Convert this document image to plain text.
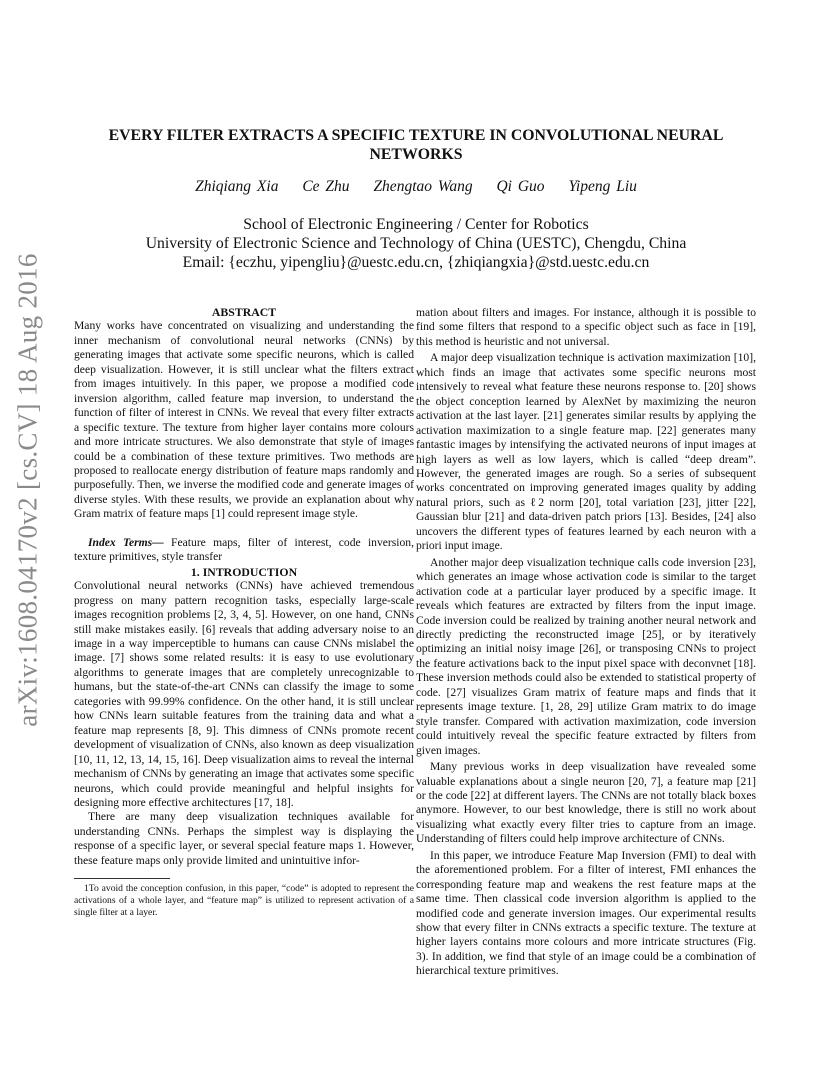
arXiv:1608.04170v2 [cs.CV] 18 Aug 2016
EVERY FILTER EXTRACTS A SPECIFIC TEXTURE IN CONVOLUTIONAL NEURAL NETWORKS
Zhiqiang Xia Ce Zhu Zhengtao Wang Qi Guo Yipeng Liu
School of Electronic Engineering / Center for Robotics
University of Electronic Science and Technology of China (UESTC), Chengdu, China
Email: {eczhu, yipengliu}@uestc.edu.cn, {zhiqiangxia}@std.uestc.edu.cn

ABSTRACT

Many works have concentrated on visualizing and understanding the inner mechanism of convolutional neural networks (CNNs) by generating images that activate some specific neurons, which is called deep visualization. However, it is still unclear what the filters extract from images intuitively. In this paper, we propose a modified code inversion algorithm, called feature map inversion, to understand the function of filter of interest in CNNs. We reveal that every filter extracts a specific texture. The texture from higher layer contains more colours and more intricate structures. We also demonstrate that style of images could be a combination of these texture primitives. Two methods are proposed to reallocate energy distribution of feature maps randomly and purposefully. Then, we inverse the modified code and generate images of diverse styles. With these results, we provide an explanation about why Gram matrix of feature maps [1] could represent image style.

Index Terms— Feature maps, filter of interest, code inversion, texture primitives, style transfer

1. INTRODUCTION

Convolutional neural networks (CNNs) have achieved tremendous progress on many pattern recognition tasks, especially large-scale images recognition problems [2, 3, 4, 5]. However, on one hand, CNNs still make mistakes easily. [6] reveals that adding adversary noise to an image in a way imperceptible to humans can cause CNNs mislabel the image. [7] shows some related results: it is easy to use evolutionary algorithms to generate images that are completely unrecognizable to humans, but the state-of-the-art CNNs can classify the image to some categories with 99.99% confidence. On the other hand, it is still unclear how CNNs learn suitable features from the training data and what a feature map represents [8, 9]. This dimness of CNNs promote recent development of visualization of CNNs, also known as deep visualization [10, 11, 12, 13, 14, 15, 16]. Deep visualization aims to reveal the internal mechanism of CNNs by generating an image that activates some specific neurons, which could provide meaningful and helpful insights for designing more effective architectures [17, 18].

There are many deep visualization techniques available for understanding CNNs. Perhaps the simplest way is displaying the response of a specific layer, or several special feature maps 1. However, these feature maps only provide limited and unintuitive infor-

1To avoid the conception confusion, in this paper, “code” is adopted to represent the activations of a whole layer, and “feature map” is utilized to represent activation of a single filter at a layer.

mation about filters and images. For instance, although it is possible to find some filters that respond to a specific object such as face in [19], this method is heuristic and not universal.

A major deep visualization technique is activation maximization [10], which finds an image that activates some specific neurons most intensively to reveal what feature these neurons response to. [20] shows the object conception learned by AlexNet by maximizing the neuron activation at the last layer. [21] generates similar results by applying the activation maximization to a single feature map. [22] generates many fantastic images by intensifying the activated neurons of input images at high layers as well as low layers, which is called “deep dream”. However, the generated images are rough. So a series of subsequent works concentrated on improving generated images quality by adding natural priors, such as ℓ2 norm [20], total variation [23], jitter [22], Gaussian blur [21] and data-driven patch priors [13]. Besides, [24] also uncovers the different types of features learned by each neuron with a priori input image.

Another major deep visualization technique calls code inversion [23], which generates an image whose activation code is similar to the target activation code at a particular layer produced by a specific image. It reveals which features are extracted by filters from the input image. Code inversion could be realized by training another neural network and directly predicting the reconstructed image [25], or by iteratively optimizing an initial noisy image [26], or transposing CNNs to project the feature activations back to the input pixel space with deconvnet [18]. These inversion methods could also be extended to statistical property of code. [27] visualizes Gram matrix of feature maps and finds that it represents image texture. [1, 28, 29] utilize Gram matrix to do image style transfer. Compared with activation maximization, code inversion could intuitively reveal the specific feature extracted by filters from given images.

Many previous works in deep visualization have revealed some valuable explanations about a single neuron [20, 7], a feature map [21] or the code [22] at different layers. The CNNs are not totally black boxes anymore. However, to our best knowledge, there is still no work about visualizing what exactly every filter tries to capture from an image. Understanding of filters could help improve architecture of CNNs.

In this paper, we introduce Feature Map Inversion (FMI) to deal with the aforementioned problem. For a filter of interest, FMI enhances the corresponding feature map and weakens the rest feature maps at the same time. Then classical code inversion algorithm is applied to the modified code and generate inversion images. Our experimental results show that every filter in CNNs extracts a specific texture. The texture at higher layers contains more colours and more intricate structures (Fig. 3). In addition, we find that style of an image could be a combination of hierarchical texture primitives.
